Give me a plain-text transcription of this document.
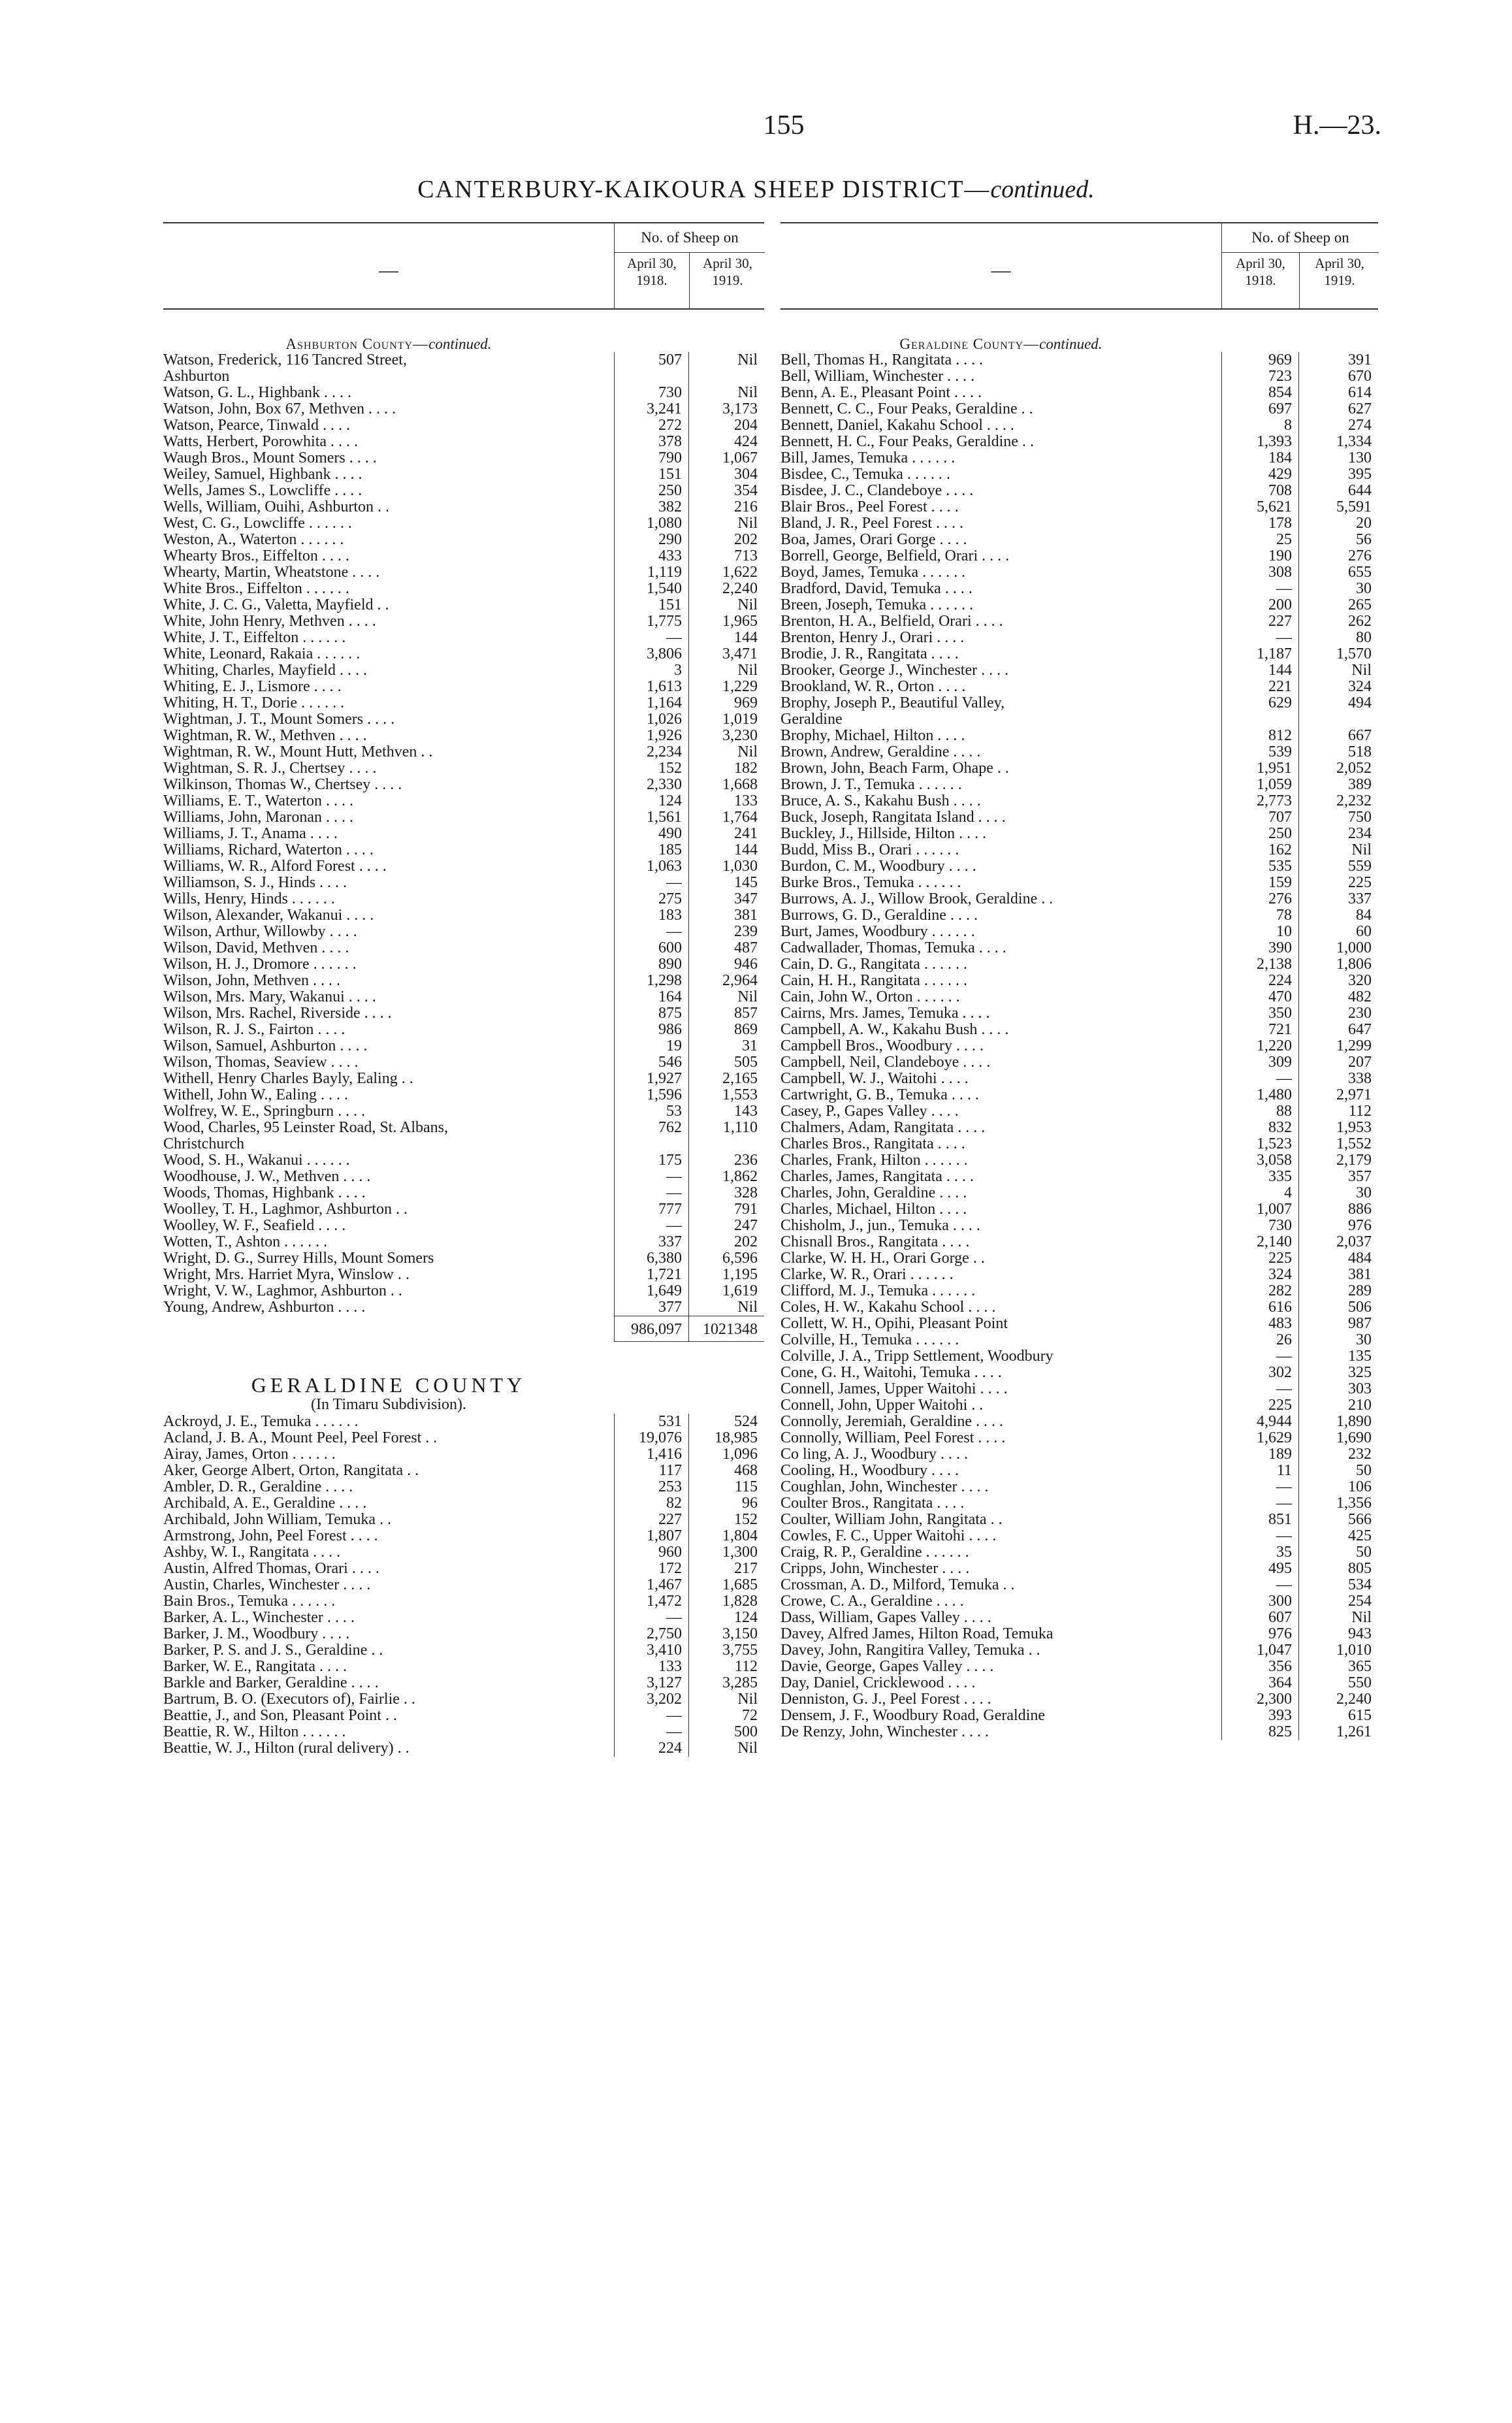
155	H.—23.
CANTERBURY-KAIKOURA SHEEP DISTRICT—continued.
—
No. of Sheep on
April 30,
1918.
April 30,
1919.
Ashburton County—continued.
Watson, Frederick, 116 Tancred Street,	507	Nil
Ashburton
Watson, G. L., Highbank . . . .	730	Nil
Watson, John, Box 67, Methven . . . .	3,241	3,173
Watson, Pearce, Tinwald . . . .	272	204
Watts, Herbert, Porowhita . . . .	378	424
Waugh Bros., Mount Somers . . . .	790	1,067
Weiley, Samuel, Highbank . . . .	151	304
Wells, James S., Lowcliffe . . . .	250	354
Wells, William, Ouihi, Ashburton . .	382	216
West, C. G., Lowcliffe . . . . . .	1,080	Nil
Weston, A., Waterton . . . . . .	290	202
Whearty Bros., Eiffelton . . . .	433	713
Whearty, Martin, Wheatstone . . . .	1,119	1,622
White Bros., Eiffelton . . . . . .	1,540	2,240
White, J. C. G., Valetta, Mayfield . .	151	Nil
White, John Henry, Methven . . . .	1,775	1,965
White, J. T., Eiffelton . . . . . .	—	144
White, Leonard, Rakaia . . . . . .	3,806	3,471
Whiting, Charles, Mayfield . . . .	3	Nil
Whiting, E. J., Lismore . . . .	1,613	1,229
Whiting, H. T., Dorie . . . . . .	1,164	969
Wightman, J. T., Mount Somers . . . .	1,026	1,019
Wightman, R. W., Methven . . . .	1,926	3,230
Wightman, R. W., Mount Hutt, Methven . .	2,234	Nil
Wightman, S. R. J., Chertsey . . . .	152	182
Wilkinson, Thomas W., Chertsey . . . .	2,330	1,668
Williams, E. T., Waterton . . . .	124	133
Williams, John, Maronan . . . .	1,561	1,764
Williams, J. T., Anama . . . .	490	241
Williams, Richard, Waterton . . . .	185	144
Williams, W. R., Alford Forest . . . .	1,063	1,030
Williamson, S. J., Hinds . . . .	—	145
Wills, Henry, Hinds . . . . . .	275	347
Wilson, Alexander, Wakanui . . . .	183	381
Wilson, Arthur, Willowby . . . .	—	239
Wilson, David, Methven . . . .	600	487
Wilson, H. J., Dromore . . . . . .	890	946
Wilson, John, Methven . . . .	1,298	2,964
Wilson, Mrs. Mary, Wakanui . . . .	164	Nil
Wilson, Mrs. Rachel, Riverside . . . .	875	857
Wilson, R. J. S., Fairton . . . .	986	869
Wilson, Samuel, Ashburton . . . .	19	31
Wilson, Thomas, Seaview . . . .	546	505
Withell, Henry Charles Bayly, Ealing . .	1,927	2,165
Withell, John W., Ealing . . . .	1,596	1,553
Wolfrey, W. E., Springburn . . . .	53	143
Wood, Charles, 95 Leinster Road, St. Albans,	762	1,110
Christchurch
Wood, S. H., Wakanui . . . . . .	175	236
Woodhouse, J. W., Methven . . . .	—	1,862
Woods, Thomas, Highbank . . . .	—	328
Woolley, T. H., Laghmor, Ashburton . .	777	791
Woolley, W. F., Seafield . . . .	—	247
Wotten, T., Ashton . . . . . .	337	202
Wright, D. G., Surrey Hills, Mount Somers	6,380	6,596
Wright, Mrs. Harriet Myra, Winslow . .	1,721	1,195
Wright, V. W., Laghmor, Ashburton . .	1,649	1,619
Young, Andrew, Ashburton . . . .	377	Nil
986,097	1021348
GERALDINE COUNTY
(In Timaru Subdivision).
Ackroyd, J. E., Temuka . . . . . .	531	524
Acland, J. B. A., Mount Peel, Peel Forest . .	19,076	18,985
Airay, James, Orton . . . . . .	1,416	1,096
Aker, George Albert, Orton, Rangitata . .	117	468
Ambler, D. R., Geraldine . . . .	253	115
Archibald, A. E., Geraldine . . . .	82	96
Archibald, John William, Temuka . .	227	152
Armstrong, John, Peel Forest . . . .	1,807	1,804
Ashby, W. I., Rangitata . . . .	960	1,300
Austin, Alfred Thomas, Orari . . . .	172	217
Austin, Charles, Winchester . . . .	1,467	1,685
Bain Bros., Temuka . . . . . .	1,472	1,828
Barker, A. L., Winchester . . . .	—	124
Barker, J. M., Woodbury . . . .	2,750	3,150
Barker, P. S. and J. S., Geraldine . .	3,410	3,755
Barker, W. E., Rangitata . . . .	133	112
Barkle and Barker, Geraldine . . . .	3,127	3,285
Bartrum, B. O. (Executors of), Fairlie . .	3,202	Nil
Beattie, J., and Son, Pleasant Point . .	—	72
Beattie, R. W., Hilton . . . . . .	—	500
Beattie, W. J., Hilton (rural delivery) . .	224	Nil
—
No. of Sheep on
April 30,
1918.
April 30,
1919.
Geraldine County—continued.
Bell, Thomas H., Rangitata . . . .	969	391
Bell, William, Winchester . . . .	723	670
Benn, A. E., Pleasant Point . . . .	854	614
Bennett, C. C., Four Peaks, Geraldine . .	697	627
Bennett, Daniel, Kakahu School . . . .	8	274
Bennett, H. C., Four Peaks, Geraldine . .	1,393	1,334
Bill, James, Temuka . . . . . .	184	130
Bisdee, C., Temuka . . . . . .	429	395
Bisdee, J. C., Clandeboye . . . .	708	644
Blair Bros., Peel Forest . . . .	5,621	5,591
Bland, J. R., Peel Forest . . . .	178	20
Boa, James, Orari Gorge . . . .	25	56
Borrell, George, Belfield, Orari . . . .	190	276
Boyd, James, Temuka . . . . . .	308	655
Bradford, David, Temuka . . . .	—	30
Breen, Joseph, Temuka . . . . . .	200	265
Brenton, H. A., Belfield, Orari . . . .	227	262
Brenton, Henry J., Orari . . . .	—	80
Brodie, J. R., Rangitata . . . .	1,187	1,570
Brooker, George J., Winchester . . . .	144	Nil
Brookland, W. R., Orton . . . .	221	324
Brophy, Joseph P., Beautiful Valley,	629	494
Geraldine
Brophy, Michael, Hilton . . . .	812	667
Brown, Andrew, Geraldine . . . .	539	518
Brown, John, Beach Farm, Ohape . .	1,951	2,052
Brown, J. T., Temuka . . . . . .	1,059	389
Bruce, A. S., Kakahu Bush . . . .	2,773	2,232
Buck, Joseph, Rangitata Island . . . .	707	750
Buckley, J., Hillside, Hilton . . . .	250	234
Budd, Miss B., Orari . . . . . .	162	Nil
Burdon, C. M., Woodbury . . . .	535	559
Burke Bros., Temuka . . . . . .	159	225
Burrows, A. J., Willow Brook, Geraldine . .	276	337
Burrows, G. D., Geraldine . . . .	78	84
Burt, James, Woodbury . . . . . .	10	60
Cadwallader, Thomas, Temuka . . . .	390	1,000
Cain, D. G., Rangitata . . . . . .	2,138	1,806
Cain, H. H., Rangitata . . . . . .	224	320
Cain, John W., Orton . . . . . .	470	482
Cairns, Mrs. James, Temuka . . . .	350	230
Campbell, A. W., Kakahu Bush . . . .	721	647
Campbell Bros., Woodbury . . . .	1,220	1,299
Campbell, Neil, Clandeboye . . . .	309	207
Campbell, W. J., Waitohi . . . .	—	338
Cartwright, G. B., Temuka . . . .	1,480	2,971
Casey, P., Gapes Valley . . . .	88	112
Chalmers, Adam, Rangitata . . . .	832	1,953
Charles Bros., Rangitata . . . .	1,523	1,552
Charles, Frank, Hilton . . . . . .	3,058	2,179
Charles, James, Rangitata . . . .	335	357
Charles, John, Geraldine . . . .	4	30
Charles, Michael, Hilton . . . .	1,007	886
Chisholm, J., jun., Temuka . . . .	730	976
Chisnall Bros., Rangitata . . . .	2,140	2,037
Clarke, W. H. H., Orari Gorge . .	225	484
Clarke, W. R., Orari . . . . . .	324	381
Clifford, M. J., Temuka . . . . . .	282	289
Coles, H. W., Kakahu School . . . .	616	506
Collett, W. H., Opihi, Pleasant Point	483	987
Colville, H., Temuka . . . . . .	26	30
Colville, J. A., Tripp Settlement, Woodbury	—	135
Cone, G. H., Waitohi, Temuka . . . .	302	325
Connell, James, Upper Waitohi . . . .	—	303
Connell, John, Upper Waitohi . .	225	210
Connolly, Jeremiah, Geraldine . . . .	4,944	1,890
Connolly, William, Peel Forest . . . .	1,629	1,690
Co ling, A. J., Woodbury . . . .	189	232
Cooling, H., Woodbury . . . .	11	50
Coughlan, John, Winchester . . . .	—	106
Coulter Bros., Rangitata . . . .	—	1,356
Coulter, William John, Rangitata . .	851	566
Cowles, F. C., Upper Waitohi . . . .	—	425
Craig, R. P., Geraldine . . . . . .	35	50
Cripps, John, Winchester . . . .	495	805
Crossman, A. D., Milford, Temuka . .	—	534
Crowe, C. A., Geraldine . . . .	300	254
Dass, William, Gapes Valley . . . .	607	Nil
Davey, Alfred James, Hilton Road, Temuka	976	943
Davey, John, Rangitira Valley, Temuka . .	1,047	1,010
Davie, George, Gapes Valley . . . .	356	365
Day, Daniel, Cricklewood . . . .	364	550
Denniston, G. J., Peel Forest . . . .	2,300	2,240
Densem, J. F., Woodbury Road, Geraldine	393	615
De Renzy, John, Winchester . . . .	825	1,261
